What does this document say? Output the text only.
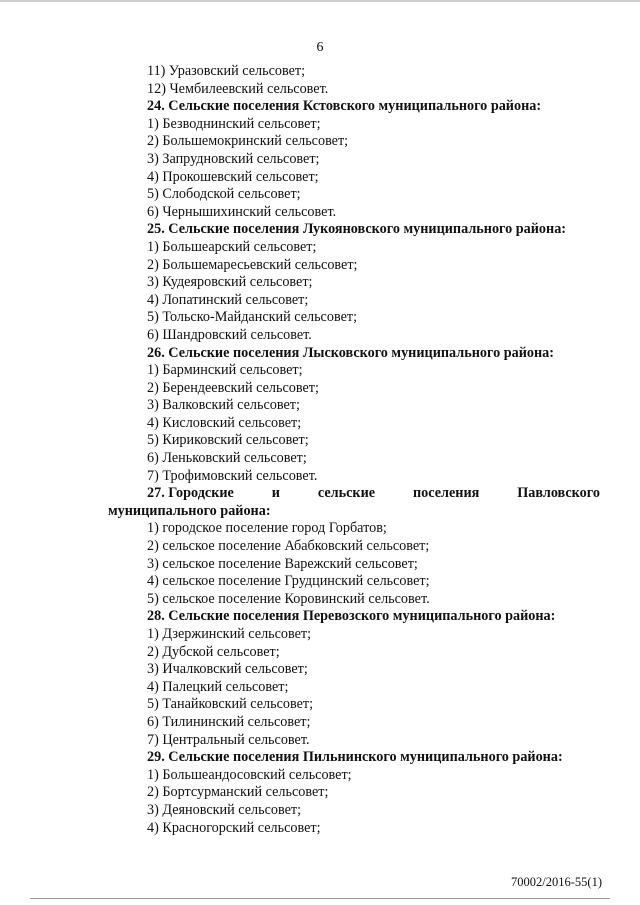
6
11) Уразовский сельсовет;
12) Чембилеевский сельсовет.
24. Сельские поселения Кстовского муниципального района:
1) Безводнинский сельсовет;
2) Большемокринский сельсовет;
3) Запрудновский сельсовет;
4) Прокошевский сельсовет;
5) Слободской сельсовет;
6) Чернышихинский сельсовет.
25. Сельские поселения Лукояновского муниципального района:
1) Большеарский сельсовет;
2) Большемаресьевский сельсовет;
3) Кудеяровский сельсовет;
4) Лопатинский сельсовет;
5) Тольско-Майданский сельсовет;
6) Шандровский сельсовет.
26. Сельские поселения Лысковского муниципального района:
1) Барминский сельсовет;
2) Берендеевский сельсовет;
3) Валковский сельсовет;
4) Кисловский сельсовет;
5) Кириковский сельсовет;
6) Леньковский сельсовет;
7) Трофимовский сельсовет.
27. Городские	и	сельские	поселения	Павловского
муниципального района:
1) городское поселение город Горбатов;
2) сельское поселение Абабковский сельсовет;
3) сельское поселение Варежский сельсовет;
4) сельское поселение Грудцинский сельсовет;
5) сельское поселение Коровинский сельсовет.
28. Сельские поселения Перевозского муниципального района:
1) Дзержинский сельсовет;
2) Дубской сельсовет;
3) Ичалковский сельсовет;
4) Палецкий сельсовет;
5) Танайковский сельсовет;
6) Тилининский сельсовет;
7) Центральный сельсовет.
29. Сельские поселения Пильнинского муниципального района:
1) Большеандосовский сельсовет;
2) Бортсурманский сельсовет;
3) Деяновский сельсовет;
4) Красногорский сельсовет;
70002/2016-55(1)
